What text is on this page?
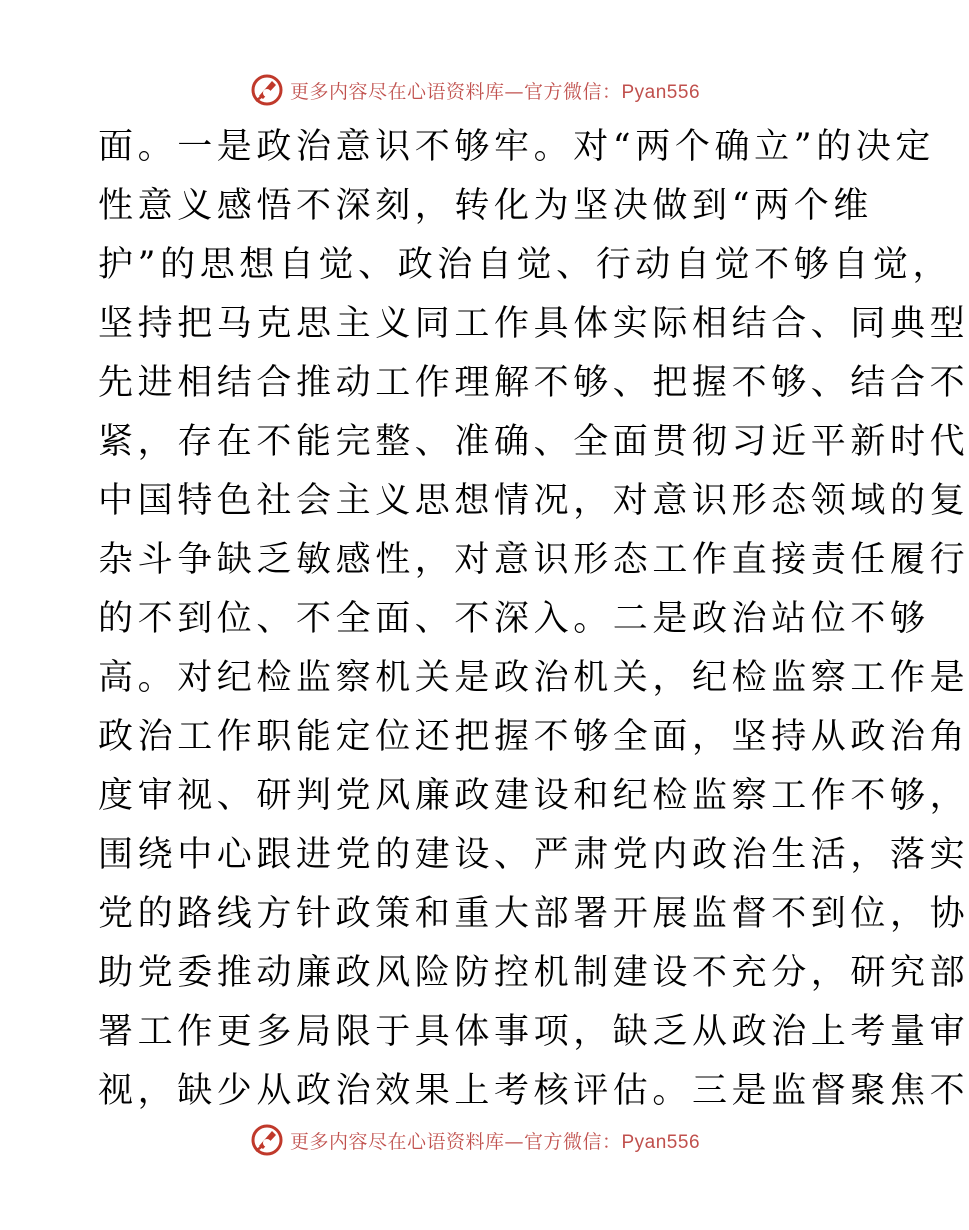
更多内容尽在心语资料库—官方微信：Pyan556
面。一是政治意识不够牢。对“两个确立”的决定
性意义感悟不深刻，转化为坚决做到“两个维
护”的思想自觉、政治自觉、行动自觉不够自觉，
坚持把马克思主义同工作具体实际相结合、同典型
先进相结合推动工作理解不够、把握不够、结合不
紧，存在不能完整、准确、全面贯彻习近平新时代
中国特色社会主义思想情况，对意识形态领域的复
杂斗争缺乏敏感性，对意识形态工作直接责任履行
的不到位、不全面、不深入。二是政治站位不够
高。对纪检监察机关是政治机关，纪检监察工作是
政治工作职能定位还把握不够全面，坚持从政治角
度审视、研判党风廉政建设和纪检监察工作不够，
围绕中心跟进党的建设、严肃党内政治生活，落实
党的路线方针政策和重大部署开展监督不到位，协
助党委推动廉政风险防控机制建设不充分，研究部
署工作更多局限于具体事项，缺乏从政治上考量审
视，缺少从政治效果上考核评估。三是监督聚焦不
更多内容尽在心语资料库—官方微信：Pyan556
